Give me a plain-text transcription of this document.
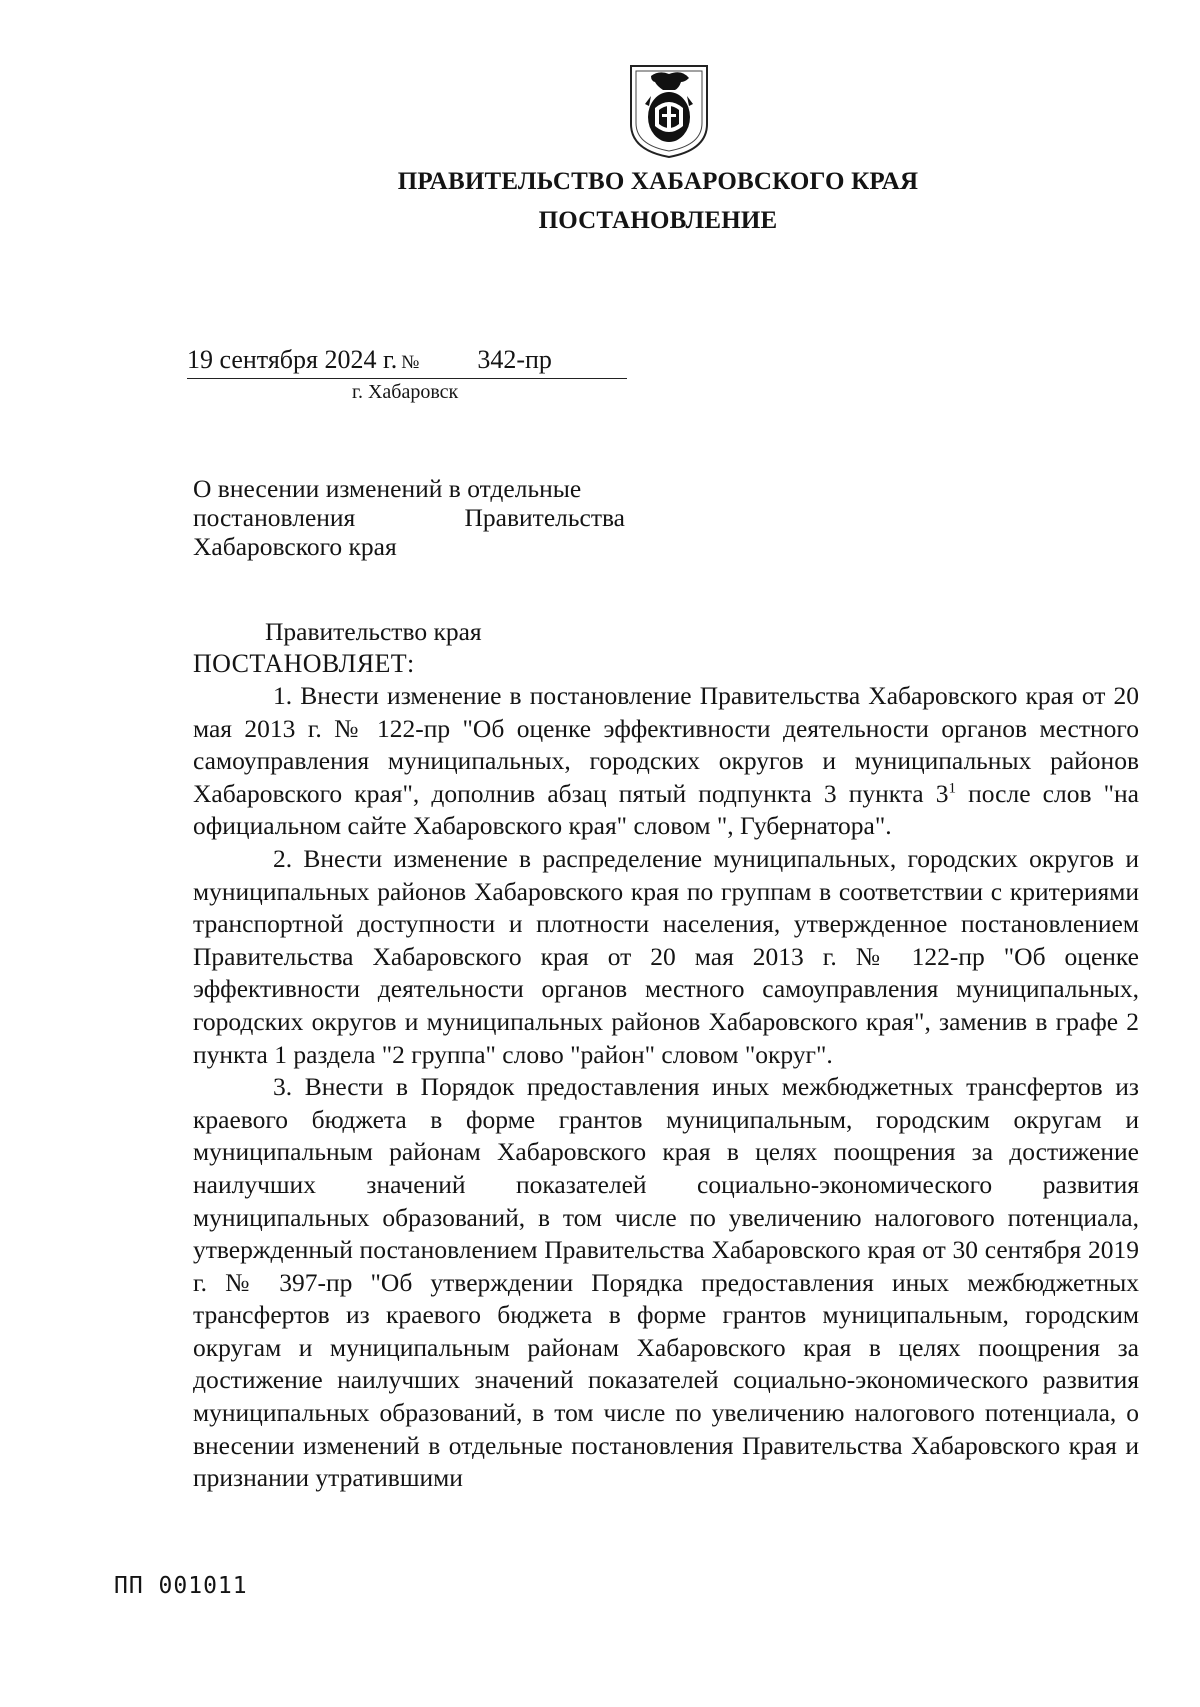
ПРАВИТЕЛЬСТВО ХАБАРОВСКОГО КРАЯ
ПОСТАНОВЛЕНИЕ
19 сентября 2024 г. № 342-пр
г. Хабаровск
О внесении изменений в отдельные
постановления	Правительства
Хабаровского края
Правительство края
ПОСТАНОВЛЯЕТ:

1. Внести изменение в постановление Правительства Хабаровского края от 20 мая 2013 г. № 122-пр "Об оценке эффективности деятельности органов местного самоуправления муниципальных, городских округов и муниципальных районов Хабаровского края", дополнив абзац пятый подпункта 3 пункта $3^1$ после слов "на официальном сайте Хабаровского края" словом ", Губернатора".

2. Внести изменение в распределение муниципальных, городских округов и муниципальных районов Хабаровского края по группам в соответствии с критериями транспортной доступности и плотности населения, утвержденное постановлением Правительства Хабаровского края от 20 мая 2013 г. № 122-пр "Об оценке эффективности деятельности органов местного самоуправления муниципальных, городских округов и муниципальных районов Хабаровского края", заменив в графе 2 пункта 1 раздела "2 группа" слово "район" словом "округ".

3. Внести в Порядок предоставления иных межбюджетных трансфертов из краевого бюджета в форме грантов муниципальным, городским округам и муниципальным районам Хабаровского края в целях поощрения за достижение наилучших значений показателей социально-экономического развития муниципальных образований, в том числе по увеличению налогового потенциала, утвержденный постановлением Правительства Хабаровского края от 30 сентября 2019 г. № 397-пр "Об утверждении Порядка предоставления иных межбюджетных трансфертов из краевого бюджета в форме грантов муниципальным, городским округам и муниципальным районам Хабаровского края в целях поощрения за достижение наилучших значений показателей социально-экономического развития муниципальных образований, в том числе по увеличению налогового потенциала, о внесении изменений в отдельные постановления Правительства Хабаровского края и признании утратившими

ПП 001011
